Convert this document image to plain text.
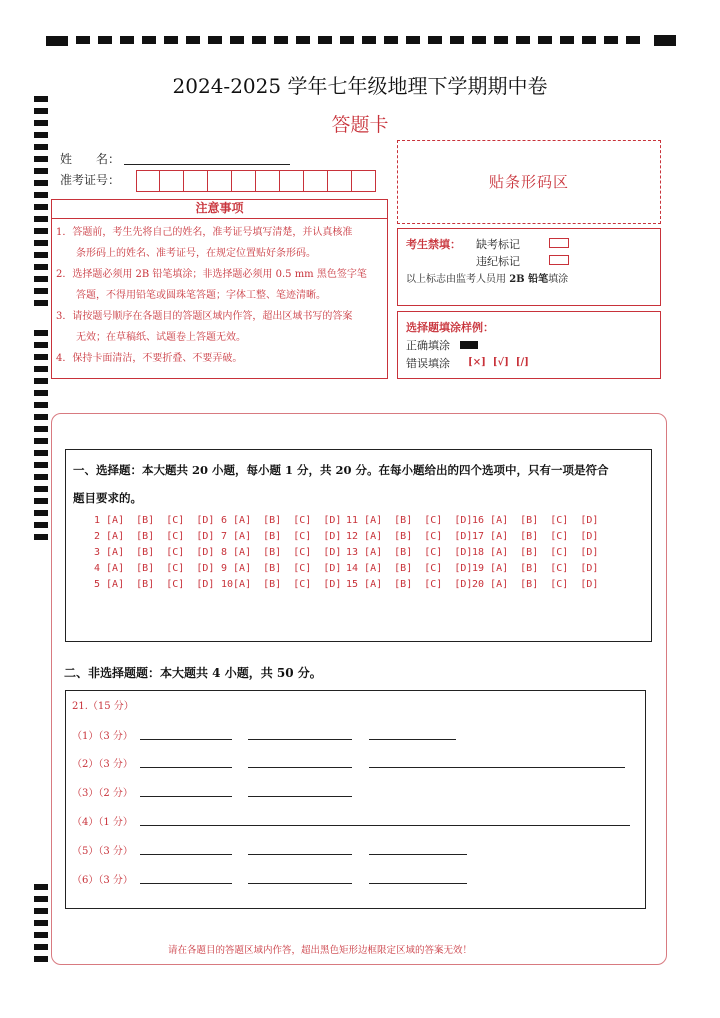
2024-2025 学年七年级地理下学期期中卷
答题卡
姓　　名：
准考证号：	贴条形码区
注意事项
1．答题前，考生先将自己的姓名，准考证号填写清楚，并认真核准
　　条形码上的姓名、准考证号，在规定位置贴好条形码。
2．选择题必须用 2B 铅笔填涂；非选择题必须用 0.5 mm 黑色签字笔
　　答题，不得用铅笔或圆珠笔答题；字体工整、笔迹清晰。
3．请按题号顺序在各题目的答题区域内作答，超出区域书写的答案
　　无效；在草稿纸、试题卷上答题无效。
4．保持卡面清洁，不要折叠、不要弄破。
考生禁填： 缺考标记
违纪标记
以上标志由监考人员用 2B 铅笔填涂
选择题填涂样例：
正确填涂
错误填涂 [×]  [√]  [/]
一、选择题：本大题共 20 小题，每小题 1 分，共 20 分。在每小题给出的四个选项中，只有一项是符合
题目要求的。
1 [A]  [B]  [C]  [D]
2 [A]  [B]  [C]  [D]
3 [A]  [B]  [C]  [D]
4 [A]  [B]  [C]  [D]
5 [A]  [B]  [C]  [D]
6 [A]  [B]  [C]  [D]
7 [A]  [B]  [C]  [D]
8 [A]  [B]  [C]  [D]
9 [A]  [B]  [C]  [D]
10[A]  [B]  [C]  [D]
11 [A]  [B]  [C]  [D]
12 [A]  [B]  [C]  [D]
13 [A]  [B]  [C]  [D]
14 [A]  [B]  [C]  [D]
15 [A]  [B]  [C]  [D]
16 [A]  [B]  [C]  [D]
17 [A]  [B]  [C]  [D]
18 [A]  [B]  [C]  [D]
19 [A]  [B]  [C]  [D]
20 [A]  [B]  [C]  [D]
二、非选择题题：本大题共 4 小题，共 50 分。
21.（15 分）
（1）（3 分）
（2）（3 分）
（3）（2 分）
（4）（1 分）
（5）（3 分）
（6）（3 分）
请在各题目的答题区域内作答，超出黑色矩形边框限定区域的答案无效！
